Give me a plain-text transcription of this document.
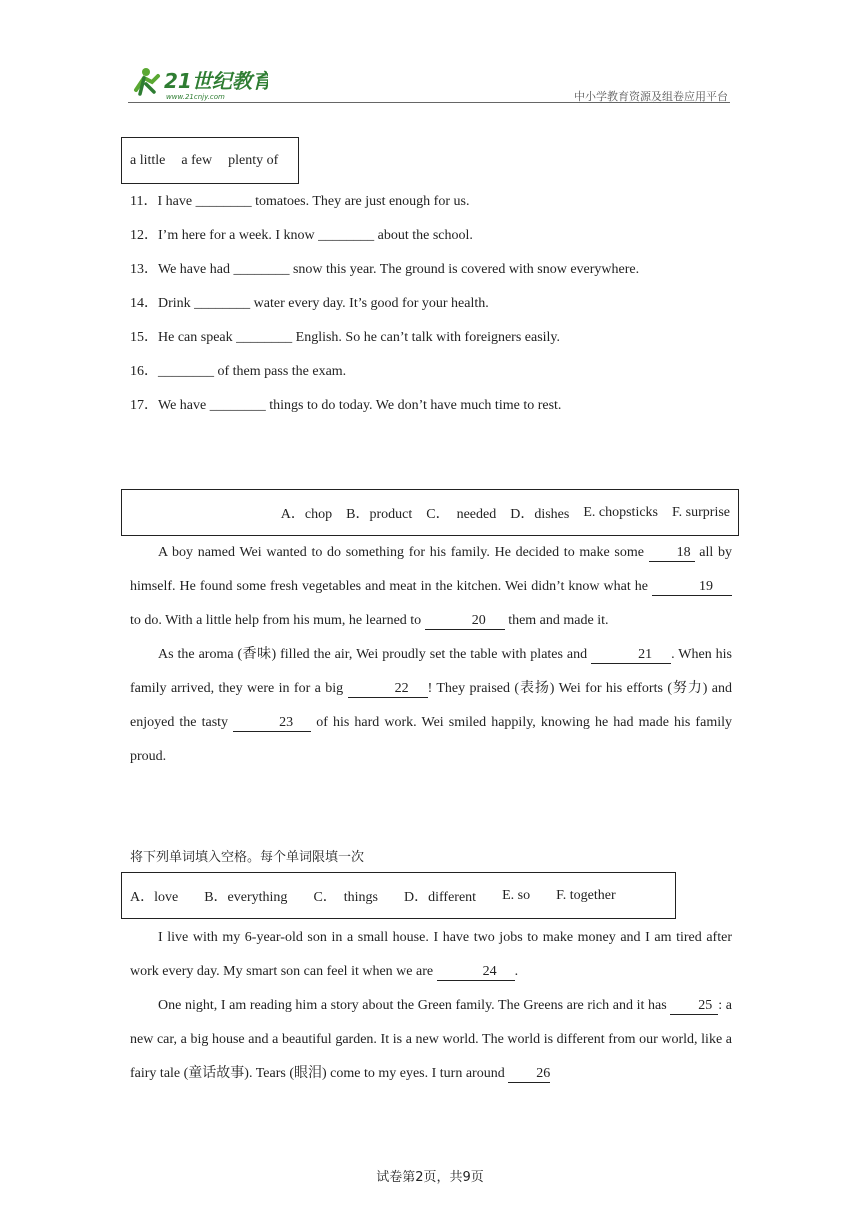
21世纪教育
www.21cnjy.com	中小学教育资源及组卷应用平台
a little a few plenty of
11．I have ________ tomatoes. They are just enough for us.
12．I’m here for a week. I know ________ about the school.
13．We have had ________ snow this year. The ground is covered with snow everywhere.
14．Drink ________ water every day. It’s good for your health.
15．He can speak ________ English. So he can’t talk with foreigners easily.
16．________ of them pass the exam.
17．We have ________ things to do today. We don’t have much time to rest.
A．chop B．product C．  needed D．dishes E. chopsticks F. surprise

A boy named Wei wanted to do something for his family. He decided to make some 18 all by himself. He found some fresh vegetables and meat in the kitchen. Wei didn’t know what he	19 to do. With a little help from his mum, he learned to	20 them and made it.

As the aroma (香味) filled the air, Wei proudly set the table with plates and	21 . When his family arrived, they were in for a big	22 ! They praised (表扬) Wei for his efforts (努力) and enjoyed the tasty	23 of his hard work. Wei smiled happily, knowing he had made his family proud.

将下列单词填入空格。每个单词限填一次
A．love B．everything C．  things D．different E. so F. together

I live with my 6-year-old son in a small house. I have two jobs to make money and I am tired after work every day. My smart son can feel it when we are	24 .

One night, I am reading him a story about the Green family. The Greens are rich and it has 25 : a new car, a big house and a beautiful garden. It is a new world. The world is different from our world, like a fairy tale (童话故事). Tears (眼泪) come to my eyes. I turn around 26

试卷第2页，共9页
